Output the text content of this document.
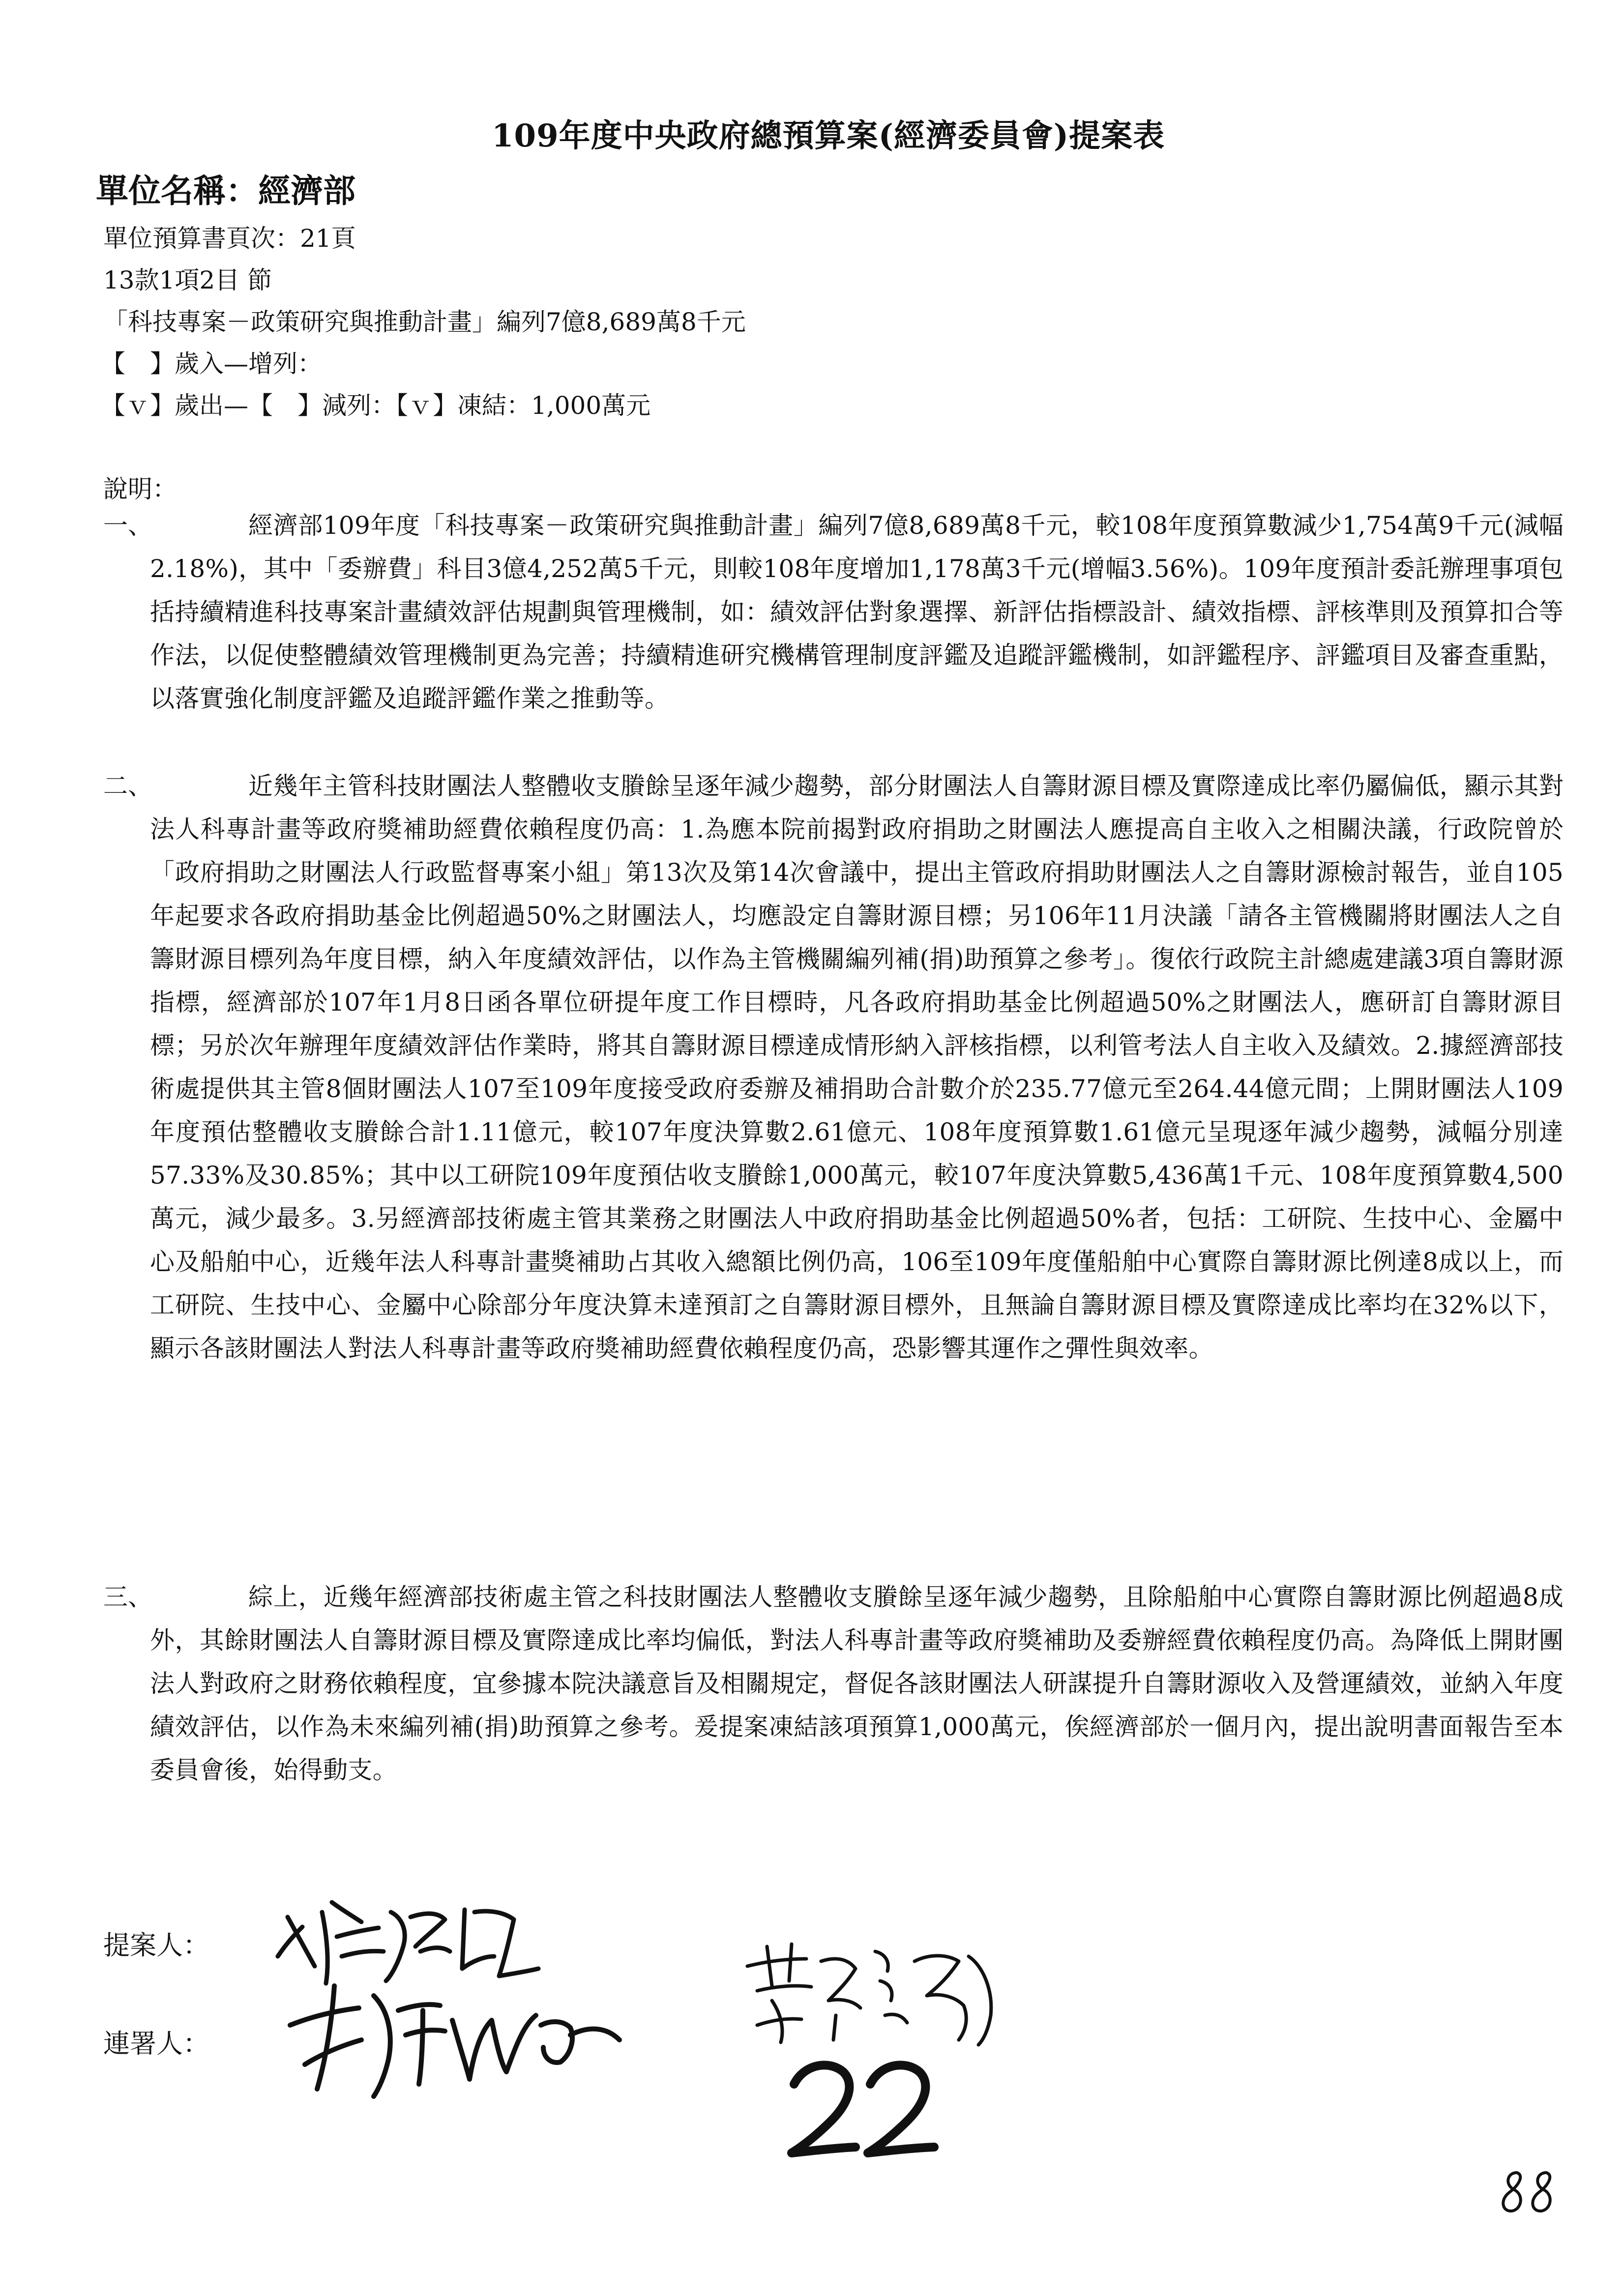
109年度中央政府總預算案(經濟委員會)提案表
單位名稱：經濟部
單位預算書頁次：21頁
13款1項2目 節
「科技專案－政策研究與推動計畫」編列7億8,689萬8千元
【　】歲入—增列：
【ｖ】歲出—【　】減列：【ｖ】凍結：1,000萬元
說明：
一、	經濟部109年度「科技專案－政策研究與推動計畫」編列7億8,689萬8千元，較108年度預算數減少1,754萬9千元(減幅2.18%)，其中「委辦費」科目3億4,252萬5千元，則較108年度增加1,178萬3千元(增幅3.56%)。109年度預計委託辦理事項包括持續精進科技專案計畫績效評估規劃與管理機制，如：績效評估對象選擇、新評估指標設計、績效指標、評核準則及預算扣合等作法，以促使整體績效管理機制更為完善；持續精進研究機構管理制度評鑑及追蹤評鑑機制，如評鑑程序、評鑑項目及審查重點，以落實強化制度評鑑及追蹤評鑑作業之推動等。
二、	近幾年主管科技財團法人整體收支賸餘呈逐年減少趨勢，部分財團法人自籌財源目標及實際達成比率仍屬偏低，顯示其對法人科專計畫等政府獎補助經費依賴程度仍高：1.為應本院前揭對政府捐助之財團法人應提高自主收入之相關決議，行政院曾於「政府捐助之財團法人行政監督專案小組」第13次及第14次會議中，提出主管政府捐助財團法人之自籌財源檢討報告，並自105年起要求各政府捐助基金比例超過50%之財團法人，均應設定自籌財源目標；另106年11月決議「請各主管機關將財團法人之自籌財源目標列為年度目標，納入年度績效評估，以作為主管機關編列補(捐)助預算之參考」。復依行政院主計總處建議3項自籌財源指標，經濟部於107年1月8日函各單位研提年度工作目標時，凡各政府捐助基金比例超過50%之財團法人，應研訂自籌財源目標；另於次年辦理年度績效評估作業時，將其自籌財源目標達成情形納入評核指標，以利管考法人自主收入及績效。2.據經濟部技術處提供其主管8個財團法人107至109年度接受政府委辦及補捐助合計數介於235.77億元至264.44億元間；上開財團法人109年度預估整體收支賸餘合計1.11億元，較107年度決算數2.61億元、108年度預算數1.61億元呈現逐年減少趨勢，減幅分別達57.33%及30.85%；其中以工研院109年度預估收支賸餘1,000萬元，較107年度決算數5,436萬1千元、108年度預算數4,500萬元，減少最多。3.另經濟部技術處主管其業務之財團法人中政府捐助基金比例超過50%者，包括：工研院、生技中心、金屬中心及船舶中心，近幾年法人科專計畫獎補助占其收入總額比例仍高，106至109年度僅船舶中心實際自籌財源比例達8成以上，而工研院、生技中心、金屬中心除部分年度決算未達預訂之自籌財源目標外，且無論自籌財源目標及實際達成比率均在32%以下，顯示各該財團法人對法人科專計畫等政府獎補助經費依賴程度仍高，恐影響其運作之彈性與效率。
三、	綜上，近幾年經濟部技術處主管之科技財團法人整體收支賸餘呈逐年減少趨勢，且除船舶中心實際自籌財源比例超過8成外，其餘財團法人自籌財源目標及實際達成比率均偏低，對法人科專計畫等政府獎補助及委辦經費依賴程度仍高。為降低上開財團法人對政府之財務依賴程度，宜參據本院決議意旨及相關規定，督促各該財團法人研謀提升自籌財源收入及營運績效，並納入年度績效評估，以作為未來編列補(捐)助預算之參考。爰提案凍結該項預算1,000萬元，俟經濟部於一個月內，提出說明書面報告至本委員會後，始得動支。
提案人：
連署人：
